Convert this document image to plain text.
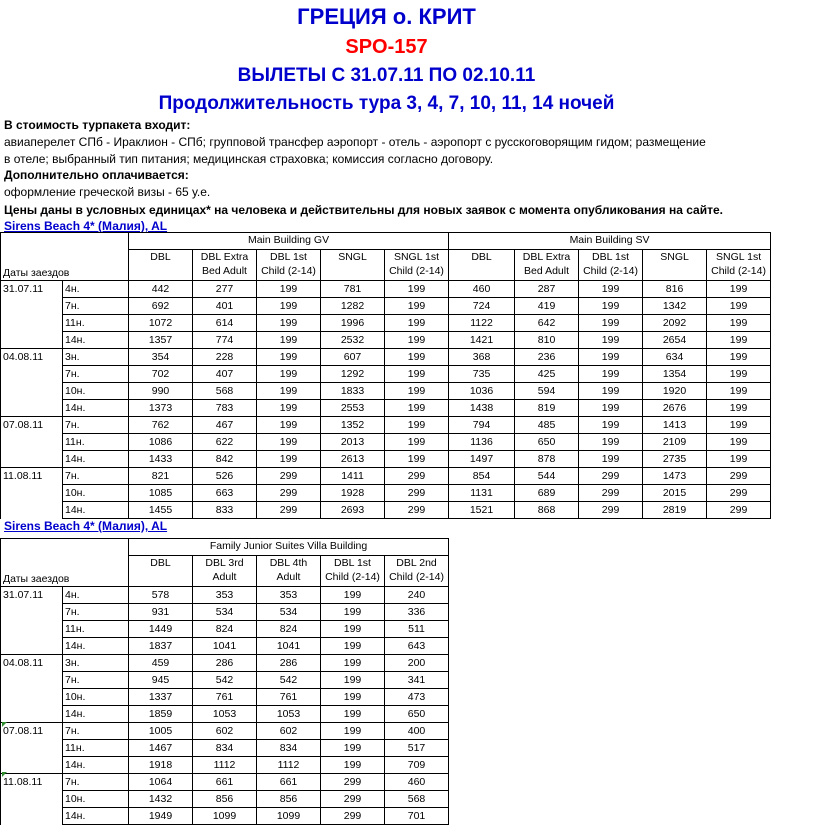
ГРЕЦИЯ о. КРИТ
SPO-157
ВЫЛЕТЫ С 31.07.11 ПО 02.10.11
Продолжительность тура 3, 4, 7, 10, 11, 14 ночей
В стоимость турпакета входит:
авиаперелет СПб - Ираклион - СПб; групповой трансфер аэропорт - отель - аэропорт с русскоговорящим гидом; размещение
в отеле; выбранный тип питания; медицинская страховка; комиссия согласно договору.
Дополнительно оплачивается:
оформление греческой визы - 65 у.е.
Цены даны в условных единицах* на человека и действительны для новых заявок с момента опубликования на сайте.
Sirens Beach 4* (Малия), AL
		Main Building GV					Main Building SV				
Даты заездов		DBL	DBL Extra Bed Adult	DBL 1st Child (2-14)	SNGL	SNGL 1st Child (2-14)	DBL	DBL Extra Bed Adult	DBL 1st Child (2-14)	SNGL	SNGL 1st Child (2-14)
31.07.11	4н.	442	277	199	781	199	460	287	199	816	199
	7н.	692	401	199	1282	199	724	419	199	1342	199
	11н.	1072	614	199	1996	199	1122	642	199	2092	199
	14н.	1357	774	199	2532	199	1421	810	199	2654	199
04.08.11	3н.	354	228	199	607	199	368	236	199	634	199
	7н.	702	407	199	1292	199	735	425	199	1354	199
	10н.	990	568	199	1833	199	1036	594	199	1920	199
	14н.	1373	783	199	2553	199	1438	819	199	2676	199
07.08.11	7н.	762	467	199	1352	199	794	485	199	1413	199
	11н.	1086	622	199	2013	199	1136	650	199	2109	199
	14н.	1433	842	199	2613	199	1497	878	199	2735	199
11.08.11	7н.	821	526	299	1411	299	854	544	299	1473	299
	10н.	1085	663	299	1928	299	1131	689	299	2015	299
	14н.	1455	833	299	2693	299	1521	868	299	2819	299
Sirens Beach 4* (Малия), AL
		Family Junior Suites Villa Building				
Даты заездов		DBL	DBL 3rd Adult	DBL 4th Adult	DBL 1st Child (2-14)	DBL 2nd Child (2-14)
31.07.11	4н.	578	353	353	199	240
	7н.	931	534	534	199	336
	11н.	1449	824	824	199	511
	14н.	1837	1041	1041	199	643
04.08.11	3н.	459	286	286	199	200
	7н.	945	542	542	199	341
	10н.	1337	761	761	199	473
	14н.	1859	1053	1053	199	650
07.08.11	7н.	1005	602	602	199	400
	11н.	1467	834	834	199	517
	14н.	1918	1112	1112	199	709
11.08.11	7н.	1064	661	661	299	460
	10н.	1432	856	856	299	568
	14н.	1949	1099	1099	299	701
